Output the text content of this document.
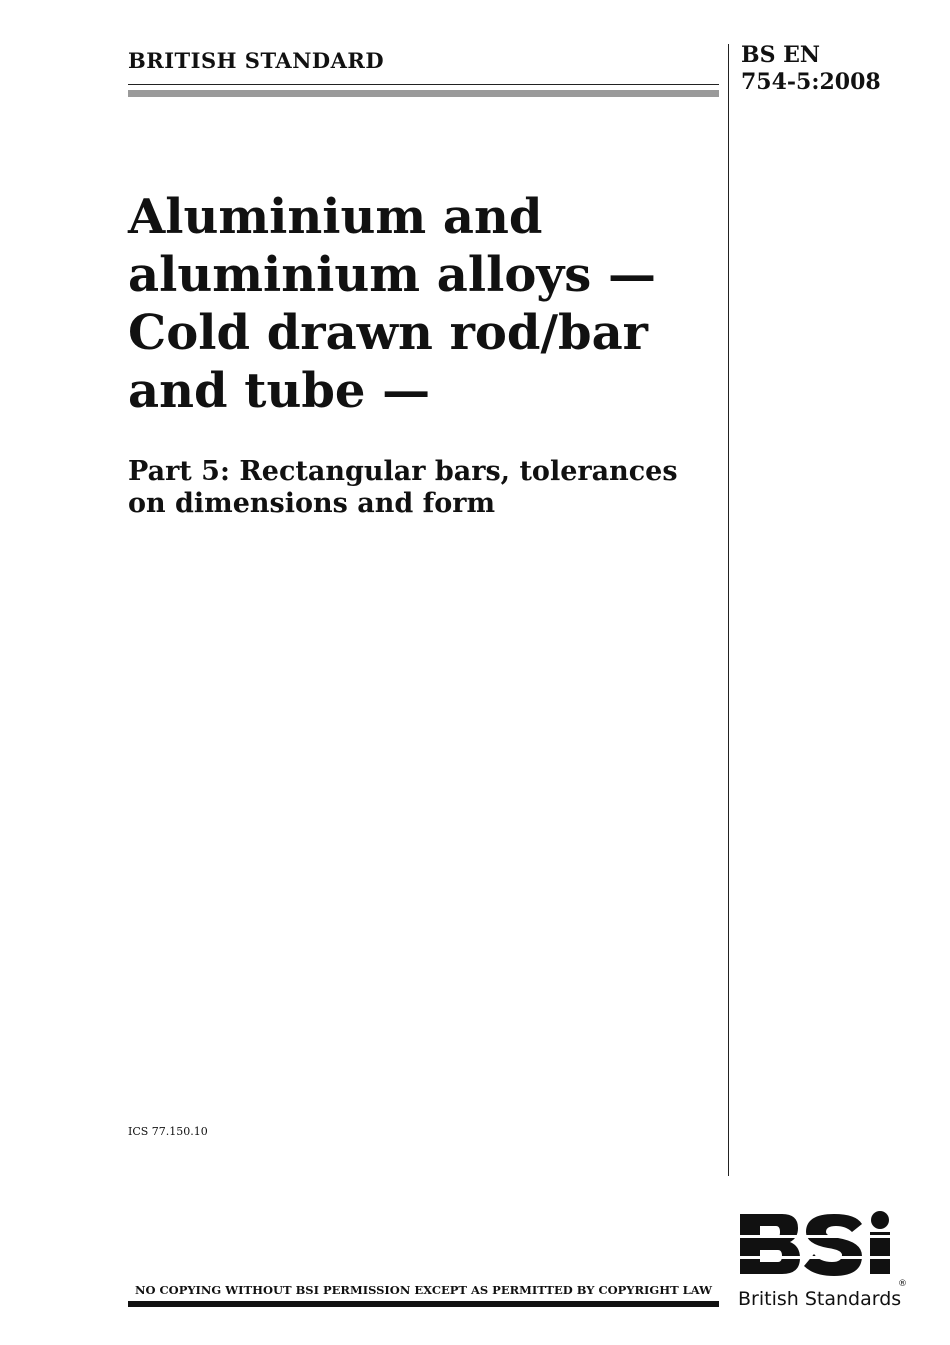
BRITISH STANDARD	BS EN
754-5:2008
Aluminium and
aluminium alloys —
Cold drawn rod/bar
and tube —
Part 5: Rectangular bars, tolerances
on dimensions and form
ICS 77.150.10
NO COPYING WITHOUT BSI PERMISSION EXCEPT AS PERMITTED BY COPYRIGHT LAW	®
British Standards
